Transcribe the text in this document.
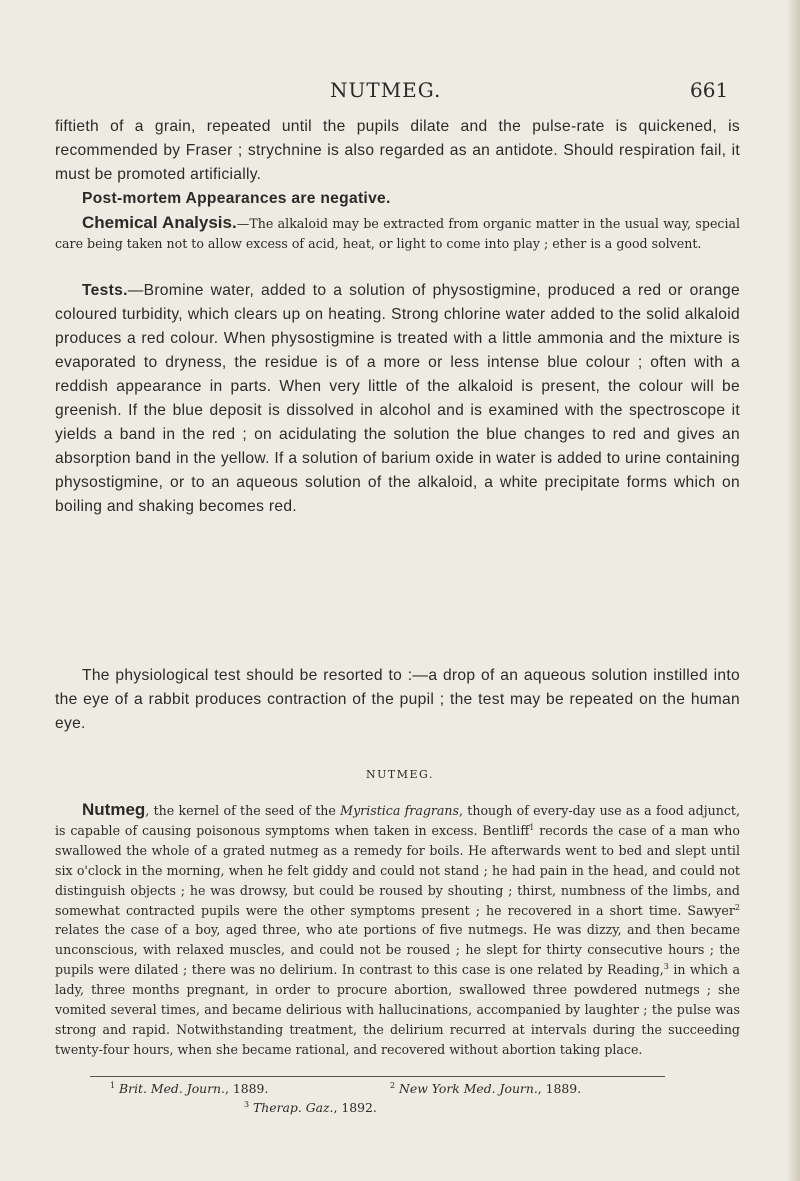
NUTMEG.	661

fiftieth of a grain, repeated until the pupils dilate and the pulse-rate is quickened, is recommended by Fraser ; strychnine is also regarded as an antidote. Should respiration fail, it must be promoted artificially.

Post-mortem Appearances are negative.

Chemical Analysis.—The alkaloid may be extracted from organic matter in the usual way, special care being taken not to allow excess of acid, heat, or light to come into play ; ether is a good solvent.

Tests.—Bromine water, added to a solution of physostigmine, produced a red or orange coloured turbidity, which clears up on heating. Strong chlorine water added to the solid alkaloid produces a red colour. When physostigmine is treated with a little ammonia and the mixture is evaporated to dryness, the residue is of a more or less intense blue colour ; often with a reddish appearance in parts. When very little of the alkaloid is present, the colour will be greenish. If the blue deposit is dissolved in alcohol and is examined with the spectroscope it yields a band in the red ; on acidulating the solution the blue changes to red and gives an absorption band in the yellow. If a solution of barium oxide in water is added to urine containing physostigmine, or to an aqueous solution of the alkaloid, a white precipitate forms which on boiling and shaking becomes red.

The physiological test should be resorted to :—a drop of an aqueous solution instilled into the eye of a rabbit produces contraction of the pupil ; the test may be repeated on the human eye.

NUTMEG.

Nutmeg, the kernel of the seed of the Myristica fragrans, though of every-day use as a food adjunct, is capable of causing poisonous symptoms when taken in excess. Bentliff$^1$ records the case of a man who swallowed the whole of a grated nutmeg as a remedy for boils. He afterwards went to bed and slept until six o'clock in the morning, when he felt giddy and could not stand ; he had pain in the head, and could not distinguish objects ; he was drowsy, but could be roused by shouting ; thirst, numbness of the limbs, and somewhat contracted pupils were the other symptoms present ; he recovered in a short time. Sawyer$^2$ relates the case of a boy, aged three, who ate portions of five nutmegs. He was dizzy, and then became unconscious, with relaxed muscles, and could not be roused ; he slept for thirty consecutive hours ; the pupils were dilated ; there was no delirium. In contrast to this case is one related by Reading,$^3$ in which a lady, three months pregnant, in order to procure abortion, swallowed three powdered nutmegs ; she vomited several times, and became delirious with hallucinations, accompanied by laughter ; the pulse was strong and rapid. Notwithstanding treatment, the delirium recurred at intervals during the succeeding twenty-four hours, when she became rational, and recovered without abortion taking place.

$^1$ Brit. Med. Journ., 1889.	$^2$ New York Med. Journ., 1889.
$^3$ Therap. Gaz., 1892.
